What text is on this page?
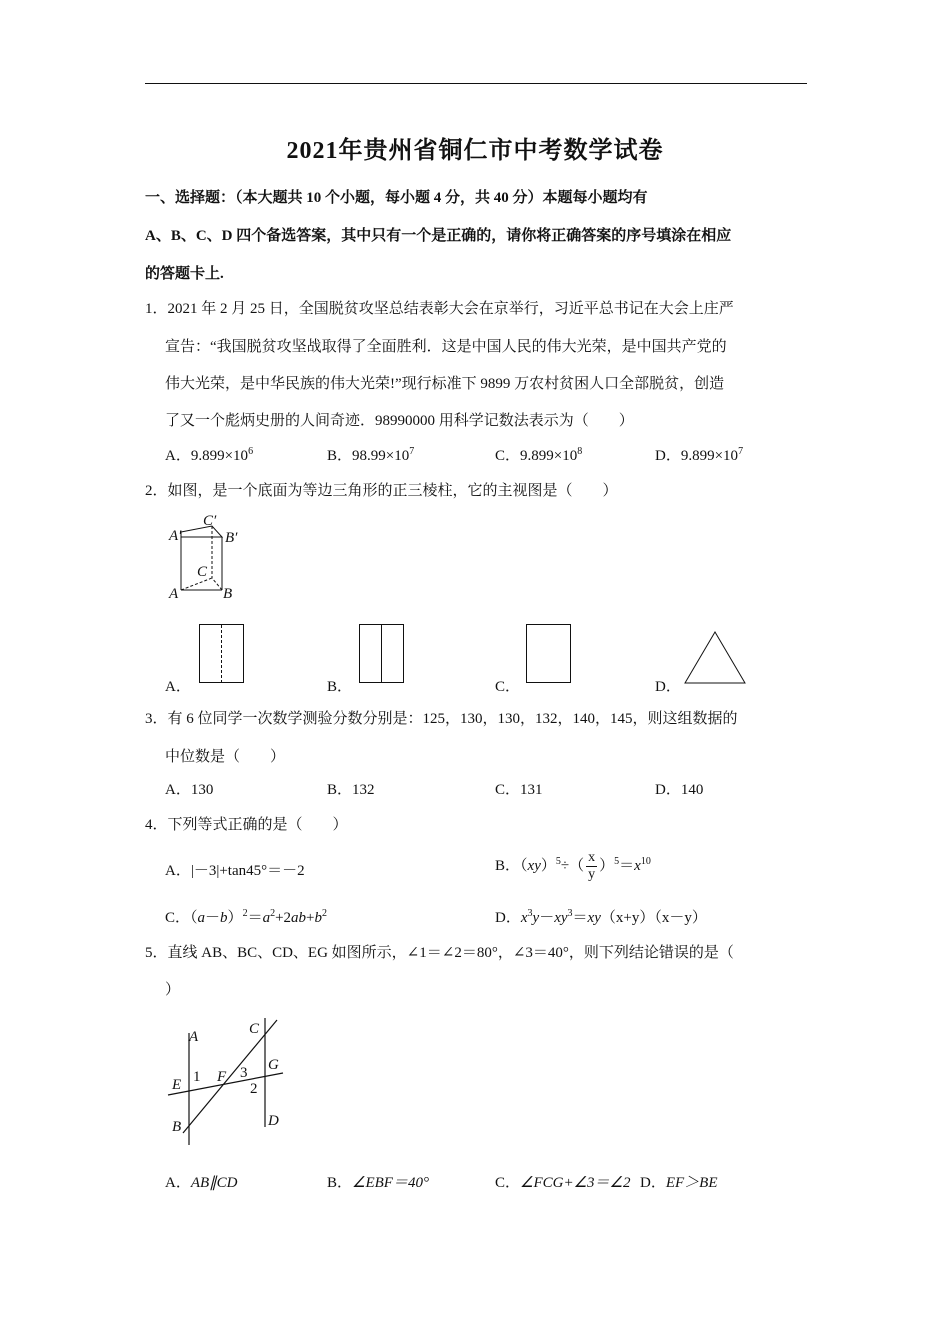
2021年贵州省铜仁市中考数学试卷
一、选择题：（本大题共 10 个小题，每小题 4 分，共 40 分）本题每小题均有
A、B、C、D 四个备选答案，其中只有一个是正确的，请你将正确答案的序号填涂在相应
的答题卡上.
1．2021 年 2 月 25 日，全国脱贫攻坚总结表彰大会在京举行，习近平总书记在大会上庄严
宣告：“我国脱贫攻坚战取得了全面胜利．这是中国人民的伟大光荣，是中国共产党的
伟大光荣，是中华民族的伟大光荣!”现行标准下 9899 万农村贫困人口全部脱贫，创造
了又一个彪炳史册的人间奇迹．98990000 用科学记数法表示为（　　）
A．$9.899\times 10^6$	B．$98.99\times 10^7$	C．$9.899\times 10^8$	D．$9.899\times 10^7$
2．如图，是一个底面为等边三角形的正三棱柱，它的主视图是（　　）
A′
C′
B′
C
A	B
A．	B．	C．	D．
3．有 6 位同学一次数学测验分数分别是：125，130，130，132，140，145，则这组数据的
中位数是（　　）
A．130	B．132	C．131	D．140
4．下列等式正确的是（　　）
A．|－3|+tan45°＝－2	B．$(xy)^5\div( \frac{x}{y} )^5=x^{10}$
C．$(a-b)^2=a^2+2ab+b^2$	D．$x^3y-xy^3=xy(x+y)(x-y)$
5．直线 AB、BC、CD、EG 如图所示，∠1＝∠2＝80°，∠3＝40°，则下列结论错误的是（
）
A	C
G
E F
D
B
1	3
2
A．AB∥CD	B．∠EBF＝40°	C．∠FCG+∠3＝∠2 D．EF＞BE
